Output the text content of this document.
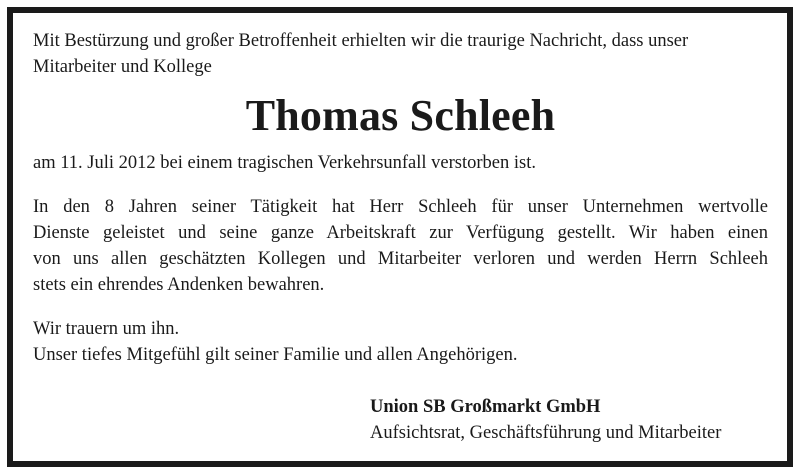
Mit Bestürzung und großer Betroffenheit erhielten wir die traurige Nachricht, dass unser
Mitarbeiter und Kollege
Thomas Schleeh
am 11. Juli 2012 bei einem tragischen Verkehrsunfall verstorben ist.
In den 8 Jahren seiner Tätigkeit hat Herr Schleeh für unser Unternehmen wertvolle
Dienste geleistet und seine ganze Arbeitskraft zur Verfügung gestellt. Wir haben einen
von uns allen geschätzten Kollegen und Mitarbeiter verloren und werden Herrn Schleeh
stets ein ehrendes Andenken bewahren.
Wir trauern um ihn.
Unser tiefes Mitgefühl gilt seiner Familie und allen Angehörigen.
Union SB Großmarkt GmbH
Aufsichtsrat, Geschäftsführung und Mitarbeiter
